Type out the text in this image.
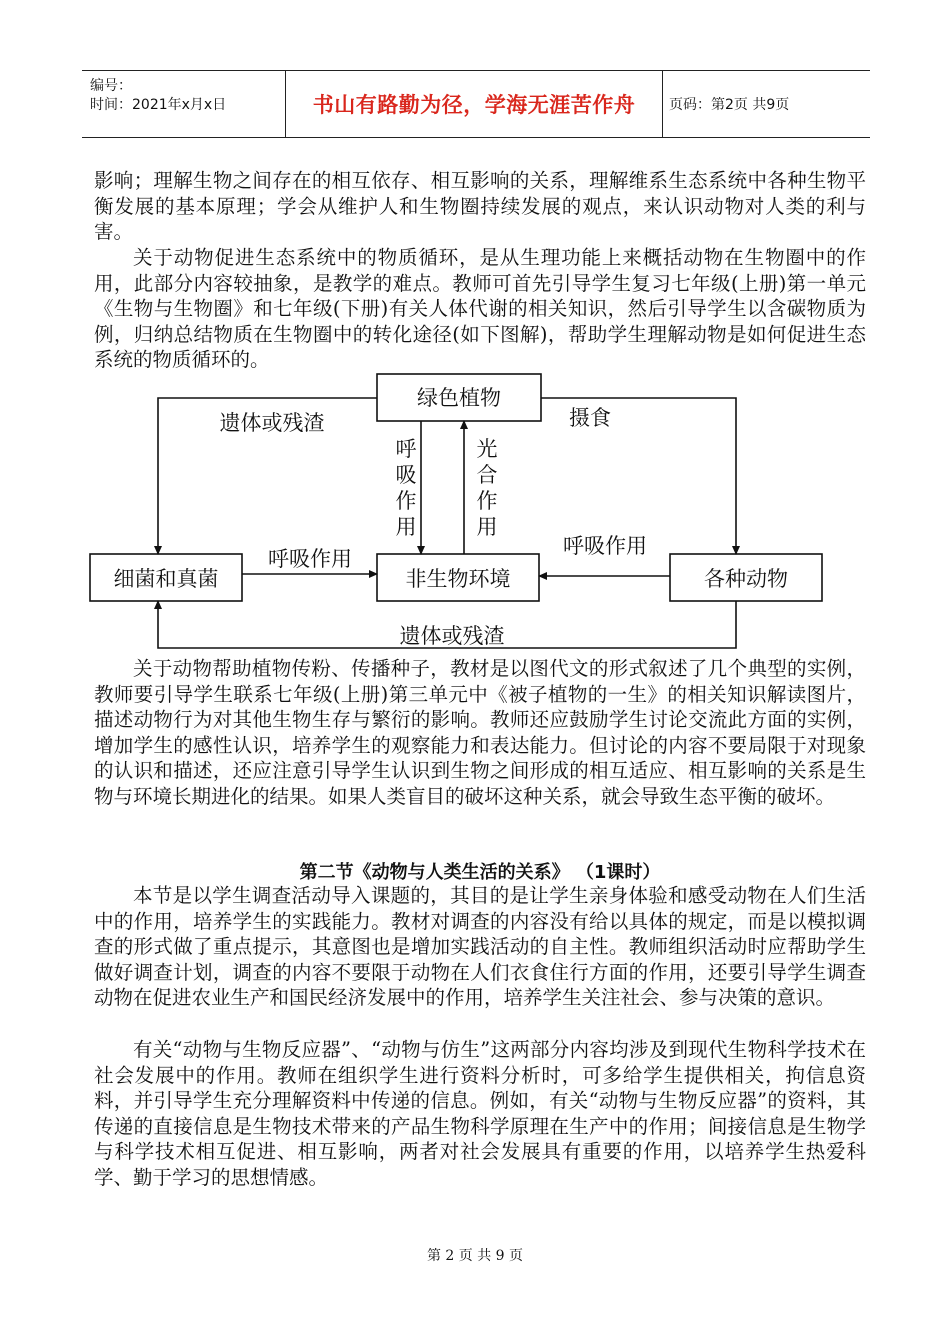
编号：
时间：2021年x月x日	书山有路勤为径，学海无涯苦作舟	页码：第2页 共9页

影响；理解生物之间存在的相互依存、相互影响的关系，理解维系生态系统中各种生物平衡发展的基本原理；学会从维护人和生物圈持续发展的观点，来认识动物对人类的利与害。

关于动物促进生态系统中的物质循环，是从生理功能上来概括动物在生物圈中的作用，此部分内容较抽象，是教学的难点。教师可首先引导学生复习七年级(上册)第一单元《生物与生物圈》和七年级(下册)有关人体代谢的相关知识，然后引导学生以含碳物质为例，归纳总结物质在生物圈中的转化途径(如下图解)，帮助学生理解动物是如何促进生态系统的物质循环的。

绿色植物
细菌和真菌	非生物环境	各种动物
遗体或残渣	摄食
呼吸作用
呼吸作用
遗体或残渣
呼吸作用
光合作用

关于动物帮助植物传粉、传播种子，教材是以图代文的形式叙述了几个典型的实例，教师要引导学生联系七年级(上册)第三单元中《被子植物的一生》的相关知识解读图片，描述动物行为对其他生物生存与繁衍的影响。教师还应鼓励学生讨论交流此方面的实例，增加学生的感性认识，培养学生的观察能力和表达能力。但讨论的内容不要局限于对现象的认识和描述，还应注意引导学生认识到生物之间形成的相互适应、相互影响的关系是生物与环境长期进化的结果。如果人类盲目的破坏这种关系，就会导致生态平衡的破坏。

第二节《动物与人类生活的关系》 （1课时）

本节是以学生调查活动导入课题的，其目的是让学生亲身体验和感受动物在人们生活中的作用，培养学生的实践能力。教材对调查的内容没有给以具体的规定，而是以模拟调查的形式做了重点提示，其意图也是增加实践活动的自主性。教师组织活动时应帮助学生做好调查计划，调查的内容不要限于动物在人们衣食住行方面的作用，还要引导学生调查动物在促进农业生产和国民经济发展中的作用，培养学生关注社会、参与决策的意识。

有关“动物与生物反应器”、“动物与仿生”这两部分内容均涉及到现代生物科学技术在社会发展中的作用。教师在组织学生进行资料分析时，可多给学生提供相关，拘信息资料，并引导学生充分理解资料中传递的信息。例如，有关“动物与生物反应器”的资料，其传递的直接信息是生物技术带来的产品生物科学原理在生产中的作用；间接信息是生物学与科学技术相互促进、相互影响，两者对社会发展具有重要的作用，以培养学生热爱科学、勤于学习的思想情感。

第 2 页 共 9 页
